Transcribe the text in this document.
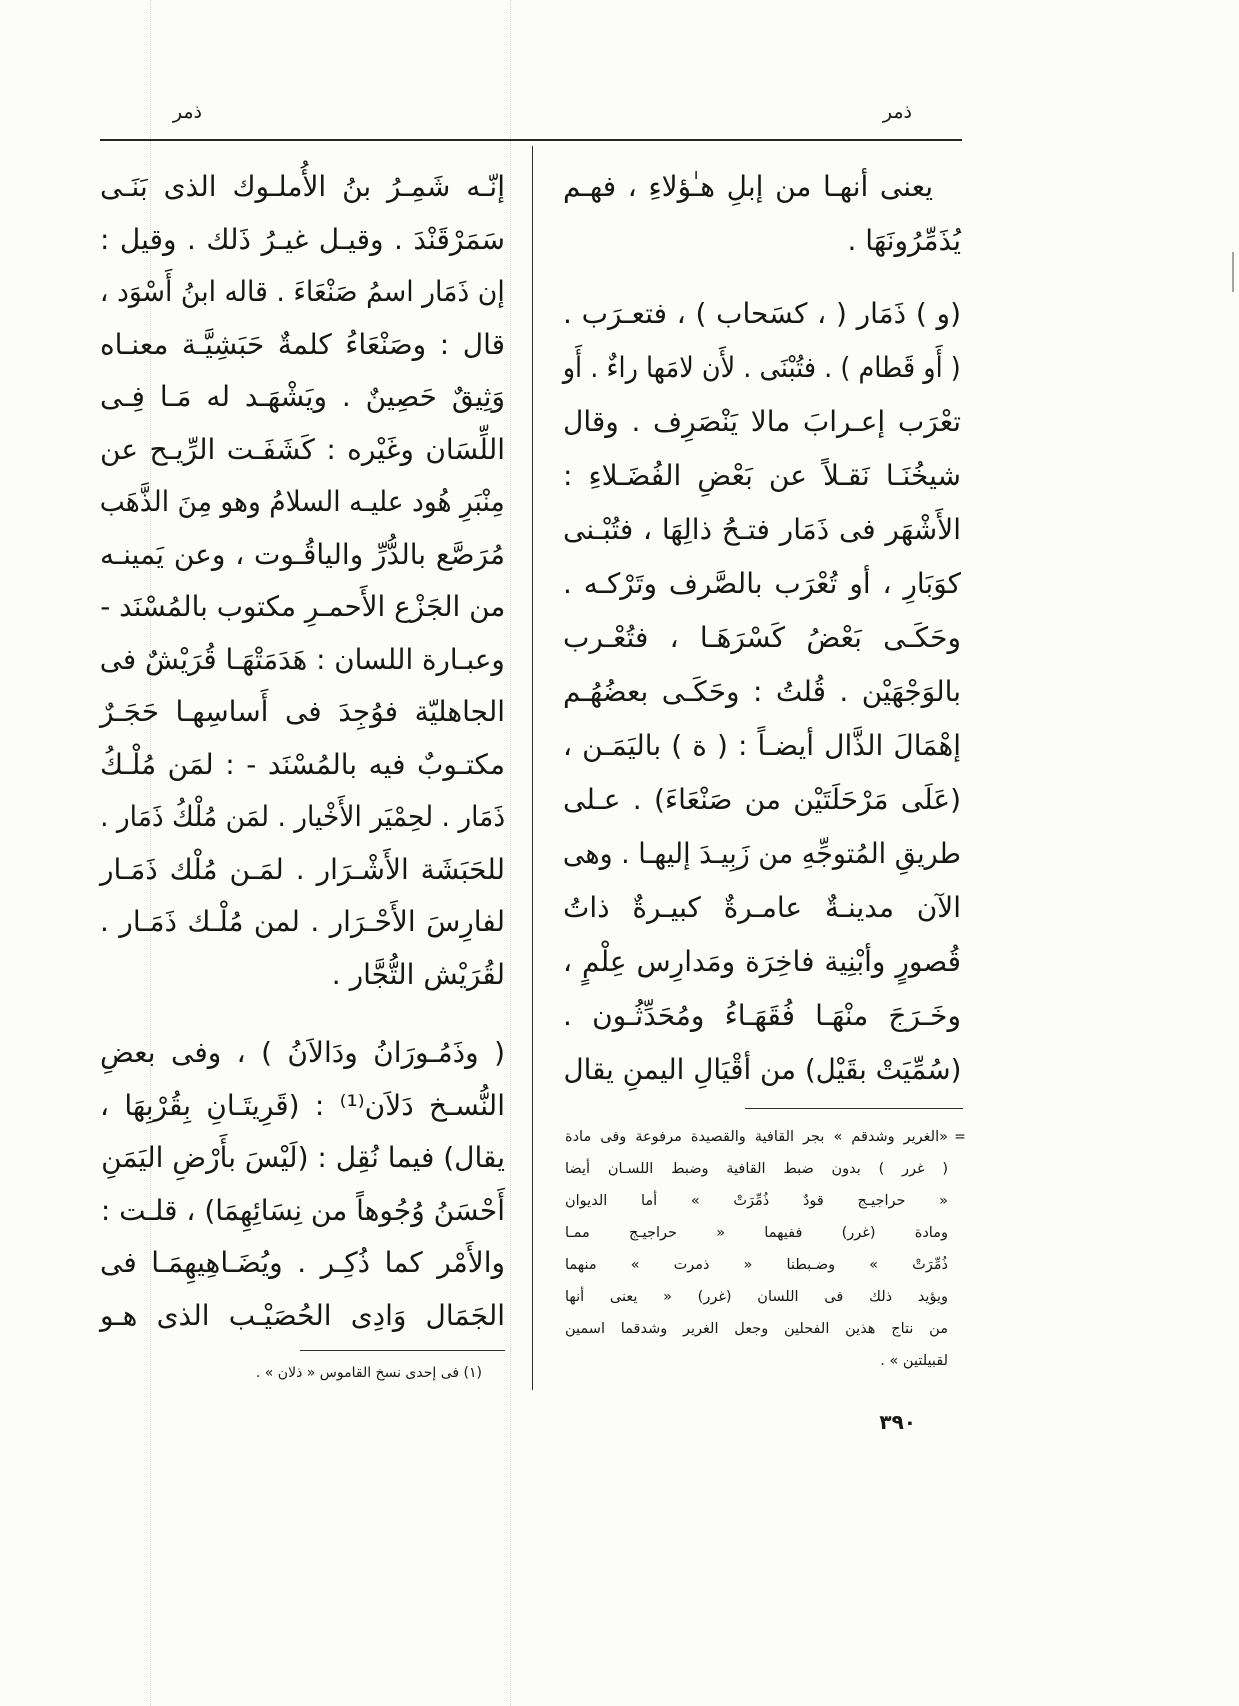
ذمر	ذمر
يعنى أنهـا من إبلِ هـٰؤلاءِ ، فهـم
يُذَمِّرُونَهَا .
(و ) ذَمَار ( ، كسَحاب ) ، فتعـرَب .
( أَو قَطام ) . فتُبْنَى . لأَن لامَها راءٌ . أَو
تعْرَب إعـرابَ مالا يَنْصَرِف . وقال
شيخُنَـا نَقـلاً عن بَعْضِ الفُضَـلاءِ :
الأَشْهَر فى ذَمَار فتـحُ ذالِهَا ، فتُبْـنى
كوَبَارِ ، أو تُعْرَب بالصَّرف وتَرْكـه .
وحَكَـى بَعْضُ كَسْرَهَـا ، فتُعْـرب
بالوَجْهَيْن . قُلتُ : وحَكَـى بعضُهُـم
إهْمَالَ الذَّال أيضـاً : ( ة ) باليَمَـن ،
(عَلَى مَرْحَلَتَيْن من صَنْعَاءَ) . عـلى
طريقِ المُتوجِّهِ من زَبِيـدَ إليهـا . وهى
الآن مدينـةٌ عامـرةٌ كبيـرةٌ ذاتُ
قُصورٍ وأبْنِية فاخِرَة ومَدارِس عِلْمٍ ،
وخَـرَجَ منْهَـا فُقَهَـاءُ ومُحَدِّثُـون .
(سُمِّيَتْ بقَيْل) من أقْيَالِ اليمنِ يقال
=
«الغرير وشدقم » بجر القافية والقصيدة مرفوعة وفى مادة
( غرر ) بدون ضبط القافية وضبط اللسـان أيضا
« حراجيـج قودٌ ذُمِّرَتْ » أما الديوان
ومادة (غرر) ففيهما « حراجيـج ممـا
ذُمِّرَتْ » وضـبطنا « ذمرت » منهما
ويؤيد ذلك فى اللسان (غرر) « يعنى أنها
من نتاج هذين الفحلين وجعل الغرير وشدقما اسمين
لقبيلتين » .
إنّـه شَمِـرُ بنُ الأُملـوك الذى بَنَـى
سَمَرْقَنْدَ . وقيـل غيـرُ ذَلك . وقيل :
إن ذَمَار اسمُ صَنْعَاءَ . قاله ابنُ أَسْوَد ،
قال : وصَنْعَاءُ كلمةٌ حَبَشِيَّـة معنـاه
وَثِيقٌ حَصِينٌ . ويَشْهَـد له مَـا فِـى
اللِّسَان وغَيْره : كَشَفَـت الرِّيـح عن
مِنْبَرِ هُود عليـه السلامُ وهو مِنَ الذَّهَب
مُرَصَّع بالدُّرِّ والياقُـوت ، وعن يَمينـه
من الجَزْع الأَحمـرِ مكتوب بالمُسْنَد -
وعبـارة اللسان : هَدَمَتْهَـا قُرَيْشٌ فى
الجاهليّة فوُجِدَ فى أَساسِهـا حَجَـرٌ
مكتـوبٌ فيه بالمُسْنَد - : لمَن مُلْـكُ
ذَمَار . لحِمْيَر الأَخْيار . لمَن مُلْكُ ذَمَار .
للحَبَشَة الأَشْـرَار . لمَـن مُلْك ذَمَـار
لفارِسَ الأَحْـرَار . لمن مُلْـك ذَمَـار .
لقُرَيْش التُّجَّار .
( وذَمُـورَانُ ودَالاَنُ ) ، وفى بعضِ
النُّسـخ دَلاَن⁽¹⁾ : (قَرِيتَـانِ بِقُرْبِهَا ،
يقال) فيما نُقِل : (لَيْسَ بأَرْضِ اليَمَنِ
أَحْسَنُ وُجُوهاً من نِسَائِهِمَا) ، قلـت :
والأَمْر كما ذُكِـر . ويُضَـاهِيهِمَـا فى
الجَمَال وَادِى الحُصَيْـب الذى هـو
(١) فى إحدى نسخ القاموس « ذلان » .
٣٩٠
